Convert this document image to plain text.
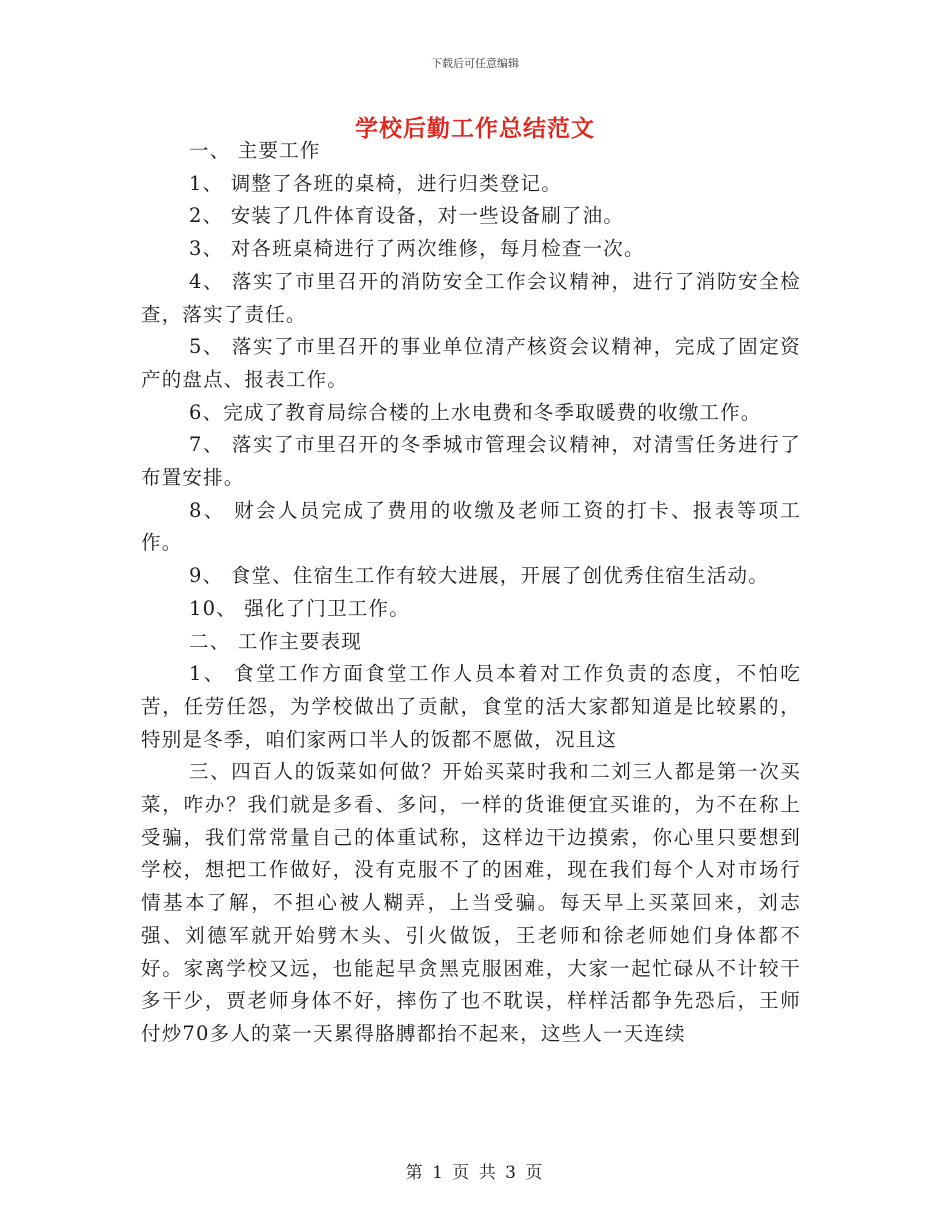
下载后可任意编辑
学校后勤工作总结范文

一、 主要工作

1、 调整了各班的桌椅，进行归类登记。

2、 安装了几件体育设备，对一些设备刷了油。

3、 对各班桌椅进行了两次维修，每月检查一次。

4、 落实了市里召开的消防安全工作会议精神，进行了消防安全检查，落实了责任。

5、 落实了市里召开的事业单位清产核资会议精神，完成了固定资产的盘点、报表工作。

6、完成了教育局综合楼的上水电费和冬季取暖费的收缴工作。

7、 落实了市里召开的冬季城市管理会议精神，对清雪任务进行了布置安排。

8、 财会人员完成了费用的收缴及老师工资的打卡、报表等项工作。

9、 食堂、住宿生工作有较大进展，开展了创优秀住宿生活动。

10、 强化了门卫工作。

二、 工作主要表现

1、 食堂工作方面食堂工作人员本着对工作负责的态度，不怕吃苦，任劳任怨，为学校做出了贡献，食堂的活大家都知道是比较累的，特别是冬季，咱们家两口半人的饭都不愿做，况且这

三、四百人的饭菜如何做？开始买菜时我和二刘三人都是第一次买菜，咋办？我们就是多看、多问，一样的货谁便宜买谁的，为不在称上受骗，我们常常量自己的体重试称，这样边干边摸索，你心里只要想到学校，想把工作做好，没有克服不了的困难，现在我们每个人对市场行情基本了解，不担心被人糊弄，上当受骗。每天早上买菜回来，刘志强、刘德军就开始劈木头、引火做饭，王老师和徐老师她们身体都不好。家离学校又远，也能起早贪黑克服困难，大家一起忙碌从不计较干多干少，贾老师身体不好，摔伤了也不耽误，样样活都争先恐后，王师付炒70多人的菜一天累得胳膊都抬不起来，这些人一天连续

第 1 页 共 3 页
